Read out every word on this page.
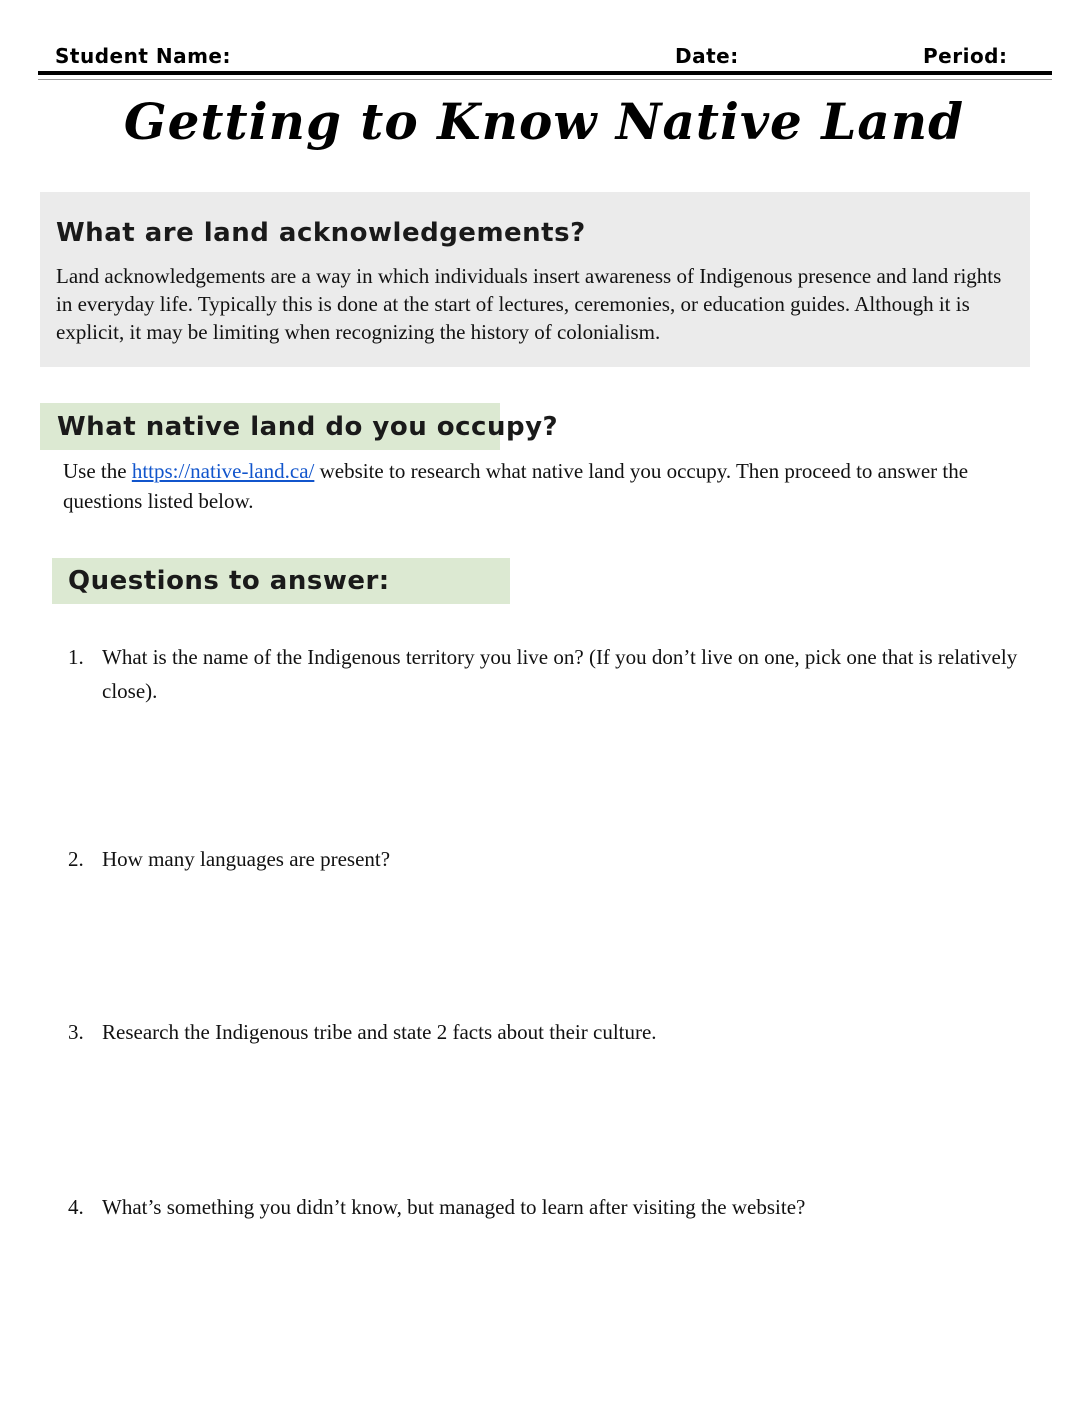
Student Name:	Date:	Period:
Getting to Know Native Land
What are land acknowledgements?
Land acknowledgements are a way in which individuals insert awareness of Indigenous presence and land rights in everyday life. Typically this is done at the start of lectures, ceremonies, or education guides. Although it is explicit, it may be limiting when recognizing the history of colonialism.
What native land do you occupy?
Use the https://native-land.ca/ website to research what native land you occupy. Then proceed to answer the questions listed below.
Questions to answer:
1. What is the name of the Indigenous territory you live on? (If you don’t live on one, pick one that is relatively close).
2. How many languages are present?
3. Research the Indigenous tribe and state 2 facts about their culture.
4. What’s something you didn’t know, but managed to learn after visiting the website?
